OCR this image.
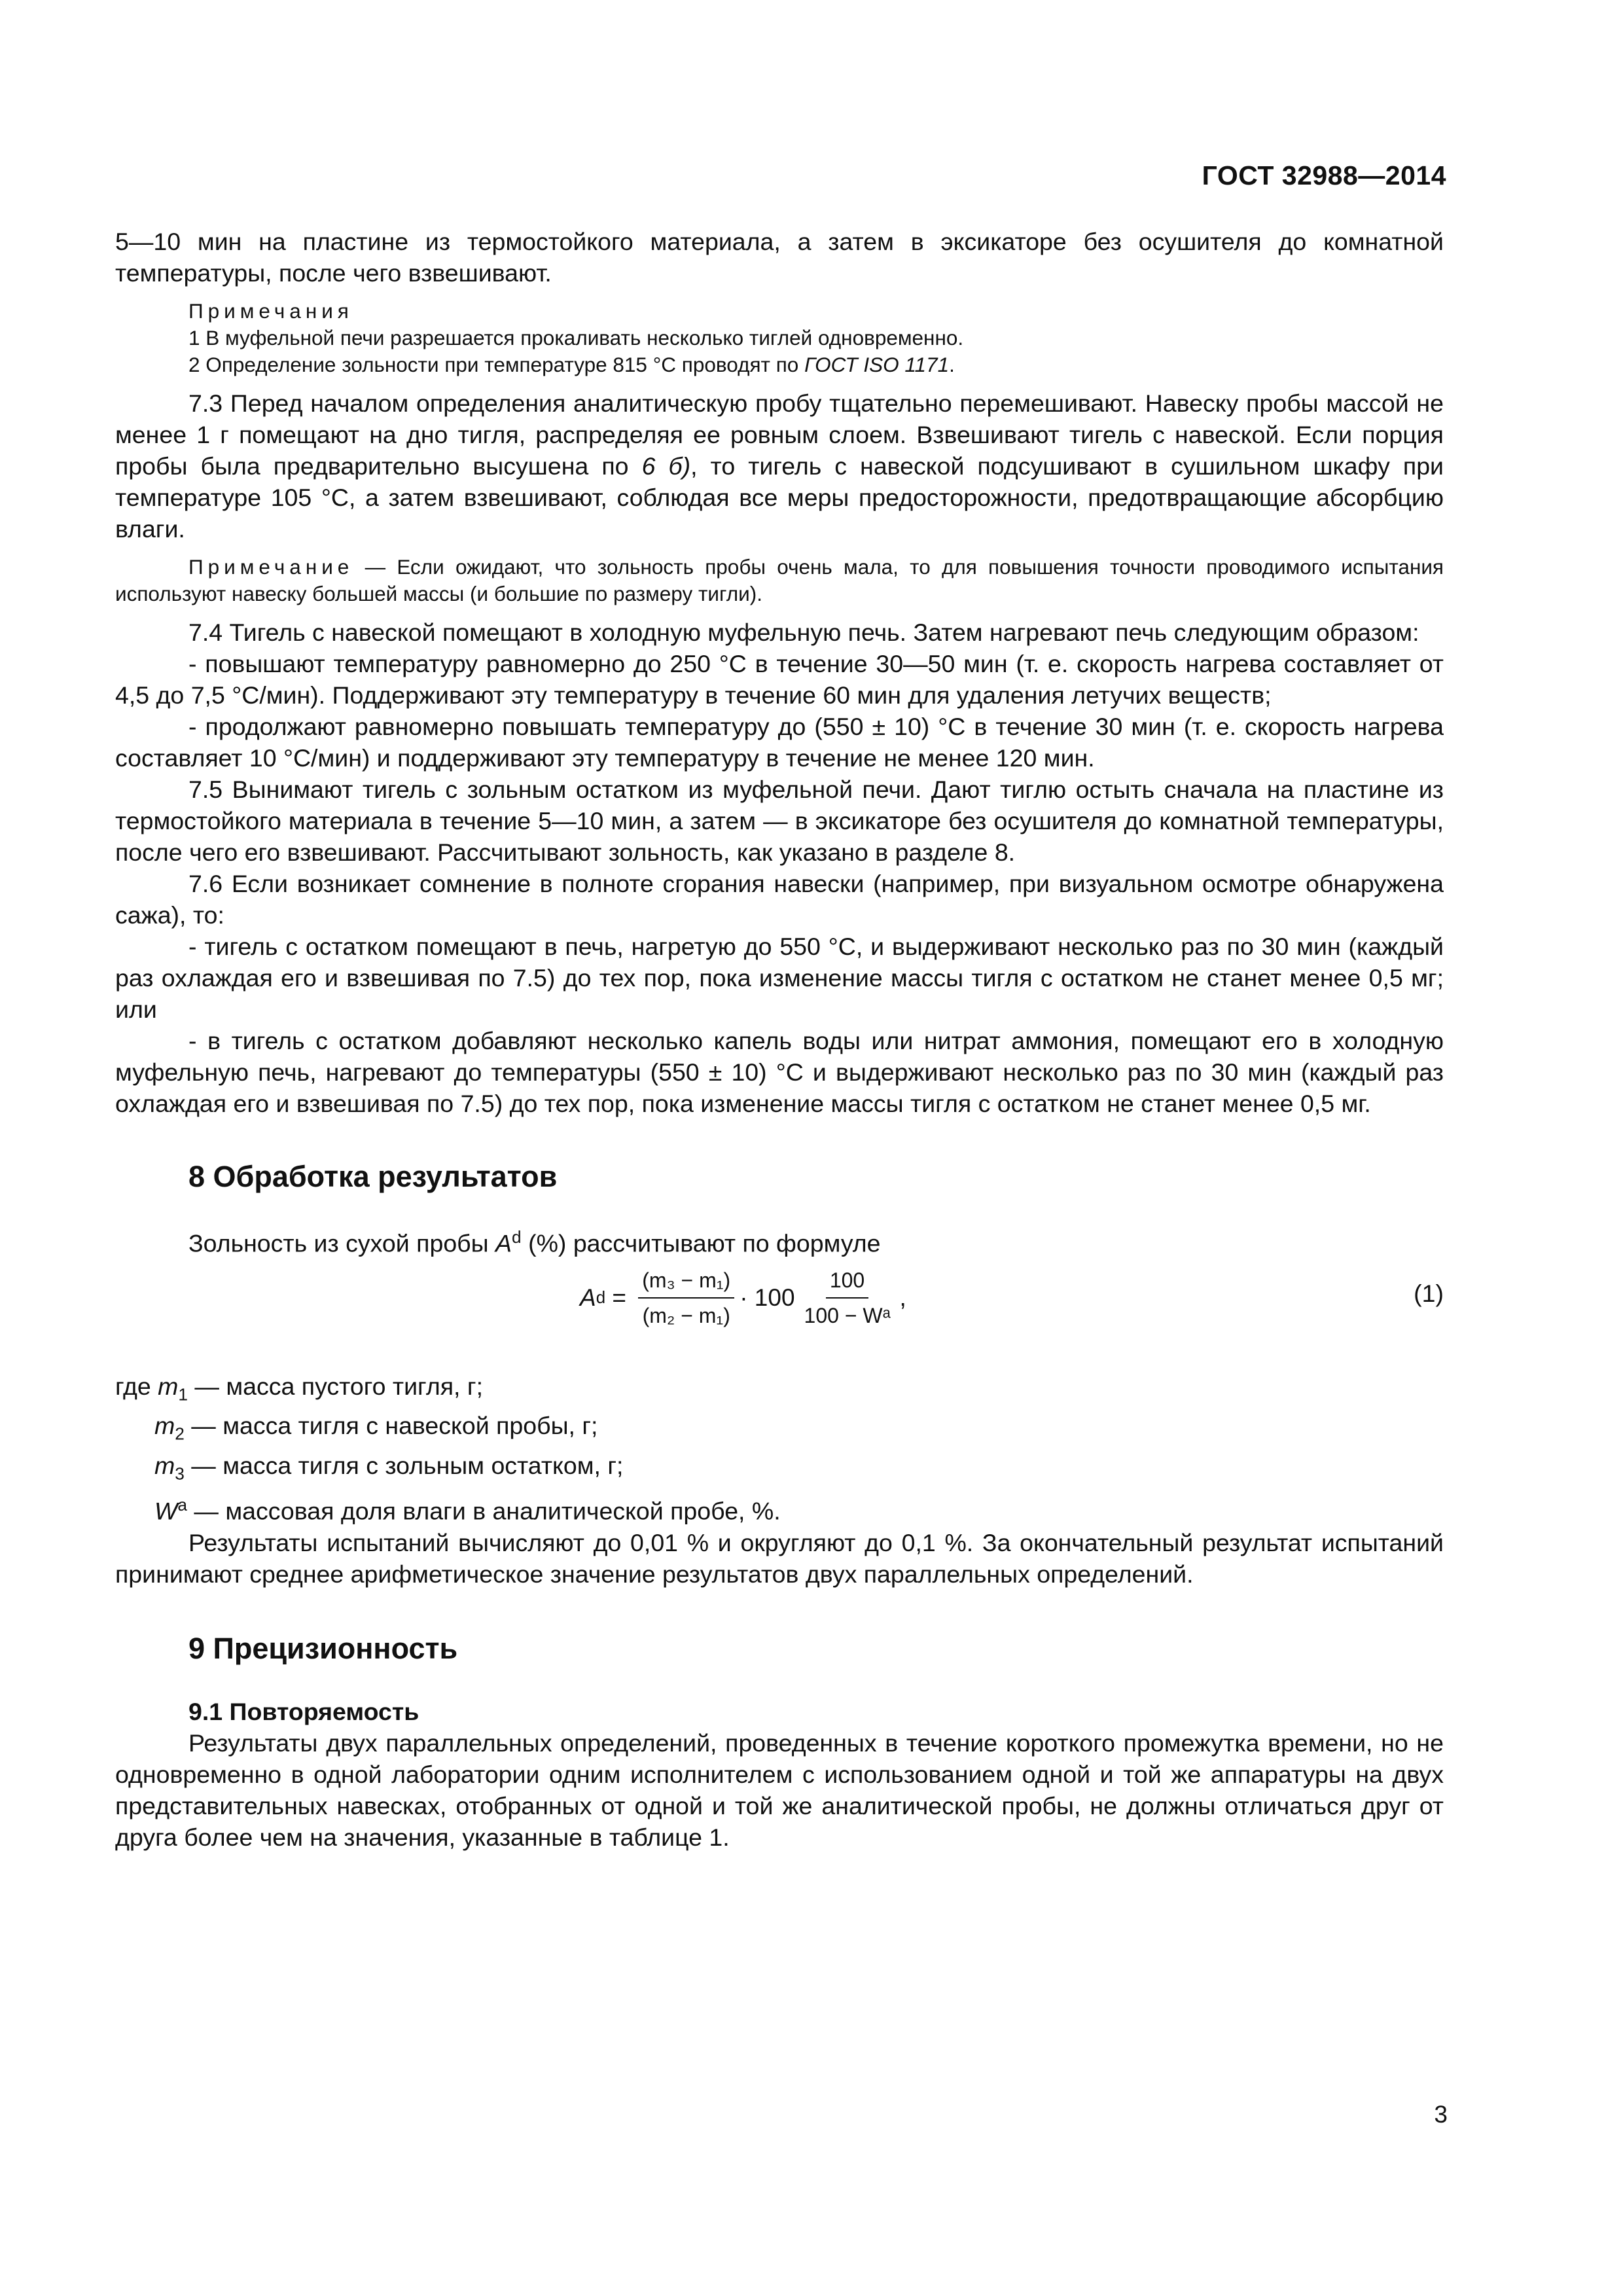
ГОСТ 32988—2014

5—10 мин на пластине из термостойкого материала, а затем в эксикаторе без осушителя до комнатной температуры, после чего взвешивают.

Примечания

1 В муфельной печи разрешается прокаливать несколько тиглей одновременно.

2 Определение зольности при температуре 815 °С проводят по ГОСТ ISO 1171.

7.3 Перед началом определения аналитическую пробу тщательно перемешивают. Навеску пробы массой не менее 1 г помещают на дно тигля, распределяя ее ровным слоем. Взвешивают тигель с навеской. Если порция пробы была предварительно высушена по 6 б), то тигель с навеской подсушивают в сушильном шкафу при температуре 105 °С, а затем взвешивают, соблюдая все меры предосторожности, предотвращающие абсорбцию влаги.

Примечание — Если ожидают, что зольность пробы очень мала, то для повышения точности проводимого испытания используют навеску большей массы (и большие по размеру тигли).

7.4 Тигель с навеской помещают в холодную муфельную печь. Затем нагревают печь следующим образом:

- повышают температуру равномерно до 250 °С в течение 30—50 мин (т. е. скорость нагрева составляет от 4,5 до 7,5 °С/мин). Поддерживают эту температуру в течение 60 мин для удаления летучих веществ;

- продолжают равномерно повышать температуру до (550 ± 10) °С в течение 30 мин (т. е. скорость нагрева составляет 10 °С/мин) и поддерживают эту температуру в течение не менее 120 мин.

7.5 Вынимают тигель с зольным остатком из муфельной печи. Дают тиглю остыть сначала на пластине из термостойкого материала в течение 5—10 мин, а затем — в эксикаторе без осушителя до комнатной температуры, после чего его взвешивают. Рассчитывают зольность, как указано в разделе 8.

7.6 Если возникает сомнение в полноте сгорания навески (например, при визуальном осмотре обнаружена сажа), то:

- тигель с остатком помещают в печь, нагретую до 550 °С, и выдерживают несколько раз по 30 мин (каждый раз охлаждая его и взвешивая по 7.5) до тех пор, пока изменение массы тигля с остатком не станет менее 0,5 мг; или

- в тигель с остатком добавляют несколько капель воды или нитрат аммония, помещают его в холодную муфельную печь, нагревают до температуры (550 ± 10) °С и выдерживают несколько раз по 30 мин (каждый раз охлаждая его и взвешивая по 7.5) до тех пор, пока изменение массы тигля с остатком не станет менее 0,5 мг.

8 Обработка результатов

Зольность из сухой пробы $A^d$ (%) рассчитывают по формуле

A $d = \frac{\text{(m₃ − m₁)}}{\text{(m₂ − m₁)}} \cdot 100 \frac{100}{\text{100 − Wᵃ}}$ ,	(1)

где $m_1$ — масса пустого тигля, г;

$m_2$ — масса тигля с навеской пробы, г;

$m_3$ — масса тигля с зольным остатком, г;

$W^a$ — массовая доля влаги в аналитической пробе, %.

Результаты испытаний вычисляют до 0,01 % и округляют до 0,1 %. За окончательный результат испытаний принимают среднее арифметическое значение результатов двух параллельных определений.

9 Прецизионность
9.1 Повторяемость

Результаты двух параллельных определений, проведенных в течение короткого промежутка времени, но не одновременно в одной лаборатории одним исполнителем с использованием одной и той же аппаратуры на двух представительных навесках, отобранных от одной и той же аналитической пробы, не должны отличаться друг от друга более чем на значения, указанные в таблице 1.

3
